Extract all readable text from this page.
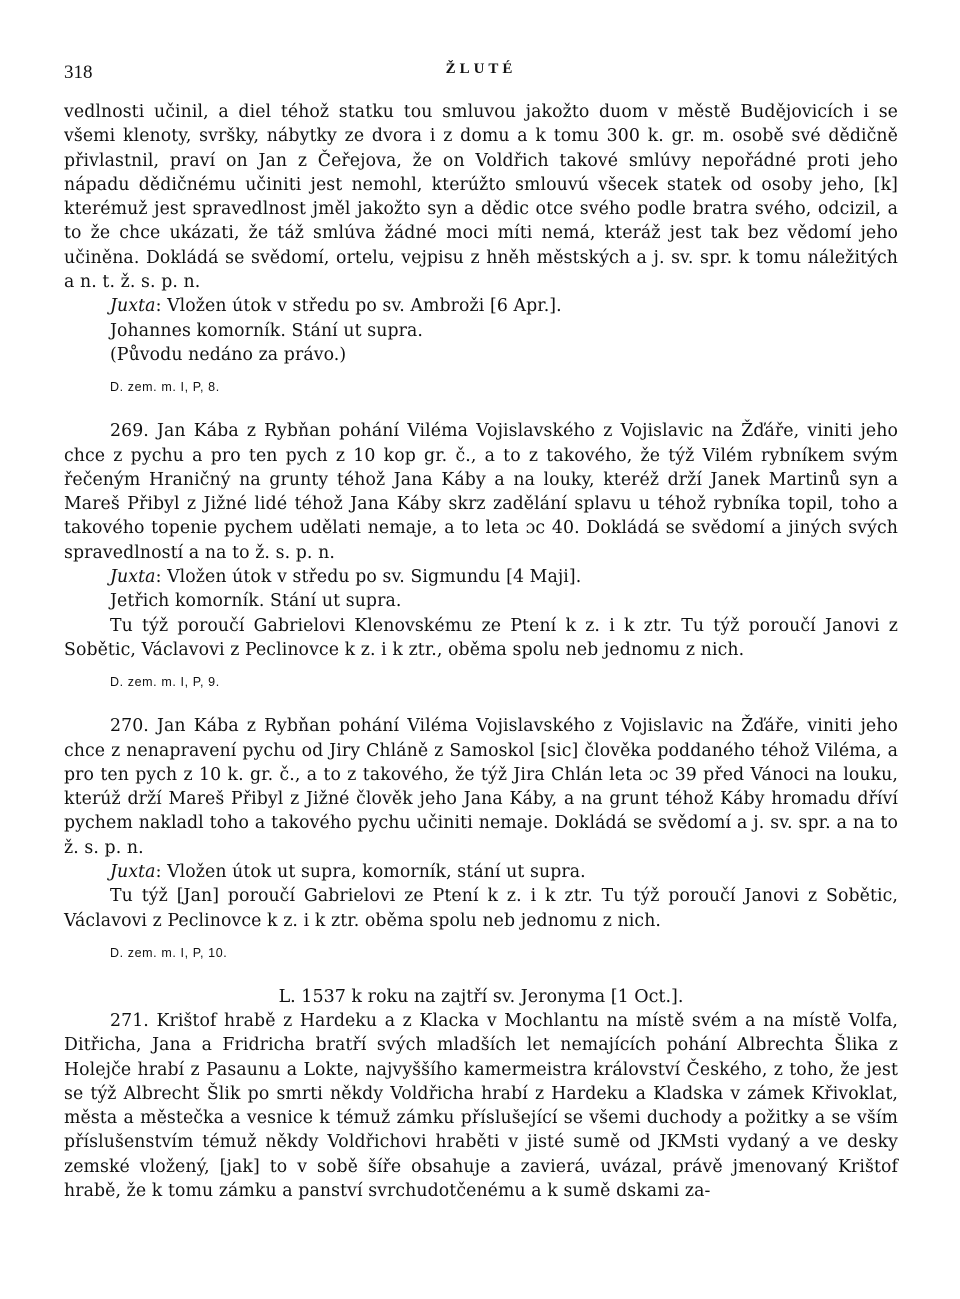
318	ŽLUTÉ

vedlnosti učinil, a diel téhož statku tou smluvou jakožto duom v městě Budějovicích i se všemi klenoty, svršky, nábytky ze dvora i z domu a k tomu 300 k. gr. m. osobě své dědičně přivlastnil, praví on Jan z Čeřejova, že on Voldřich takové smlúvy nepořádné proti jeho nápadu dědičnému učiniti jest nemohl, kterúžto smlouvú všecek statek od osoby jeho, [k] kterémuž jest spravedlnost jměl jakožto syn a dědic otce svého podle bratra svého, odcizil, a to že chce ukázati, že táž smlúva žádné moci míti nemá, kteráž jest tak bez vědomí jeho učiněna. Dokládá se svědomí, ortelu, vejpisu z hněh městských a j. sv. spr. k tomu náležitých a n. t. ž. s. p. n.

Juxta: Vložen útok v středu po sv. Ambroži [6 Apr.].

Johannes komorník. Stání ut supra.

(Původu nedáno za právo.)

D. zem. m. I, P, 8.

269. Jan Kába z Rybňan pohání Viléma Vojislavského z Vojislavic na Žďáře, viniti jeho chce z pychu a pro ten pych z 10 kop gr. č., a to z takového, že týž Vilém rybníkem svým řečeným Hraničný na grunty téhož Jana Káby a na louky, kteréž drží Janek Martinů syn a Mareš Přibyl z Jižné lidé téhož Jana Káby skrz zadělání splavu u téhož rybníka topil, toho a takového topenie pychem udělati nemaje, a to leta ɔc 40. Dokládá se svědomí a jiných svých spravedlností a na to ž. s. p. n.

Juxta: Vložen útok v středu po sv. Sigmundu [4 Maji].

Jetřich komorník. Stání ut supra.

Tu týž poroučí Gabrielovi Klenovskému ze Ptení k z. i k ztr. Tu týž poroučí Janovi z Sobětic, Václavovi z Peclinovce k z. i k ztr., oběma spolu neb jednomu z nich.

D. zem. m. I, P, 9.

270. Jan Kába z Rybňan pohání Viléma Vojislavského z Vojislavic na Žďáře, viniti jeho chce z nenapravení pychu od Jiry Chláně z Samoskol [sic] člověka poddaného téhož Viléma, a pro ten pych z 10 k. gr. č., a to z takového, že týž Jira Chlán leta ɔc 39 před Vánoci na louku, kterúž drží Mareš Přibyl z Jižné člověk jeho Jana Káby, a na grunt téhož Káby hromadu dříví pychem nakladl toho a takového pychu učiniti nemaje. Dokládá se svědomí a j. sv. spr. a na to ž. s. p. n.

Juxta: Vložen útok ut supra, komorník, stání ut supra.

Tu týž [Jan] poroučí Gabrielovi ze Ptení k z. i k ztr. Tu týž poroučí Janovi z Sobětic, Václavovi z Peclinovce k z. i k ztr. oběma spolu neb jednomu z nich.

D. zem. m. I, P, 10.

L. 1537 k roku na zajtří sv. Jeronyma [1 Oct.].

271. Krištof hrabě z Hardeku a z Klacka v Mochlantu na místě svém a na místě Volfa, Ditřicha, Jana a Fridricha bratří svých mladších let nemajících pohání Albrechta Šlika z Holejče hrabí z Pasaunu a Lokte, najvyššího kamermeistra království Českého, z toho, že jest se týž Albrecht Šlik po smrti někdy Voldřicha hrabí z Hardeku a Kladska v zámek Křivoklat, města a městečka a vesnice k témuž zámku příslušející se všemi duchody a požitky a se vším příslušenstvím témuž někdy Voldřichovi hraběti v jisté sumě od JKMsti vydaný a ve desky zemské vložený, [jak] to v sobě šíře obsahuje a zavierá, uvázal, právě jmenovaný Krištof hrabě, že k tomu zámku a panství svrchudotčenému a k sumě dskami za-
